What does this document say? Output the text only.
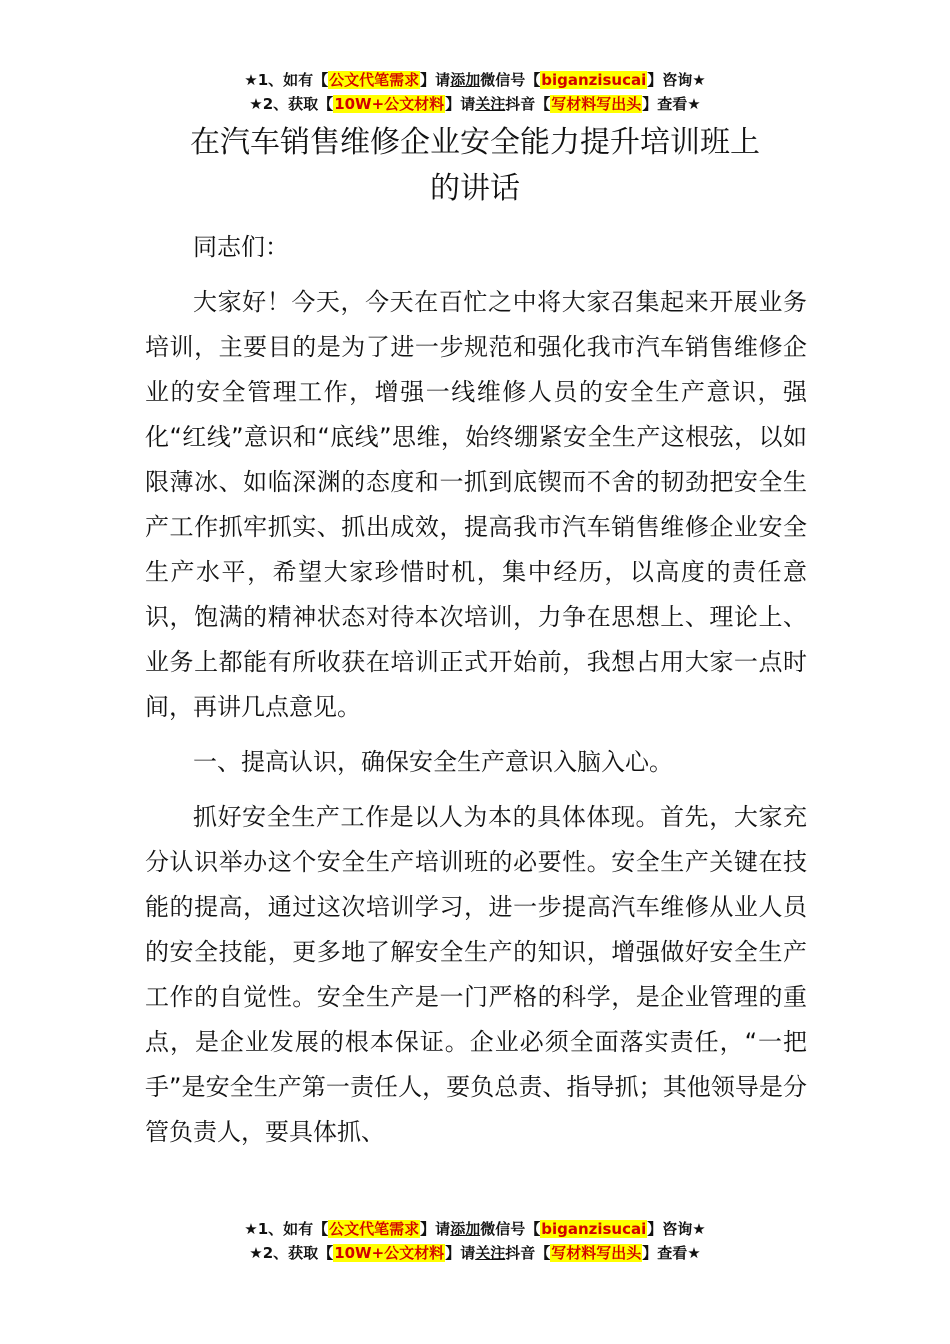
★1、如有【公文代笔需求】请添加微信号【biganzisucai】咨询★
★2、获取【10W+公文材料】请关注抖音【写材料写出头】查看★
在汽车销售维修企业安全能力提升培训班上
的讲话

同志们：

大家好！今天，今天在百忙之中将大家召集起来开展业务培训，主要目的是为了进一步规范和强化我市汽车销售维修企业的安全管理工作，增强一线维修人员的安全生产意识，强化“红线”意识和“底线”思维，始终绷紧安全生产这根弦，以如限薄冰、如临深渊的态度和一抓到底锲而不舍的韧劲把安全生产工作抓牢抓实、抓出成效，提高我市汽车销售维修企业安全生产水平，希望大家珍惜时机，集中经历，以高度的责任意识，饱满的精神状态对待本次培训，力争在思想上、理论上、业务上都能有所收获在培训正式开始前，我想占用大家一点时间，再讲几点意见。

一、提高认识，确保安全生产意识入脑入心。

抓好安全生产工作是以人为本的具体体现。首先，大家充分认识举办这个安全生产培训班的必要性。安全生产关键在技能的提高，通过这次培训学习，进一步提高汽车维修从业人员的安全技能，更多地了解安全生产的知识，增强做好安全生产工作的自觉性。安全生产是一门严格的科学，是企业管理的重点，是企业发展的根本保证。企业必须全面落实责任，“一把手”是安全生产第一责任人，要负总责、指导抓；其他领导是分管负责人，要具体抓、

★1、如有【公文代笔需求】请添加微信号【biganzisucai】咨询★
★2、获取【10W+公文材料】请关注抖音【写材料写出头】查看★
